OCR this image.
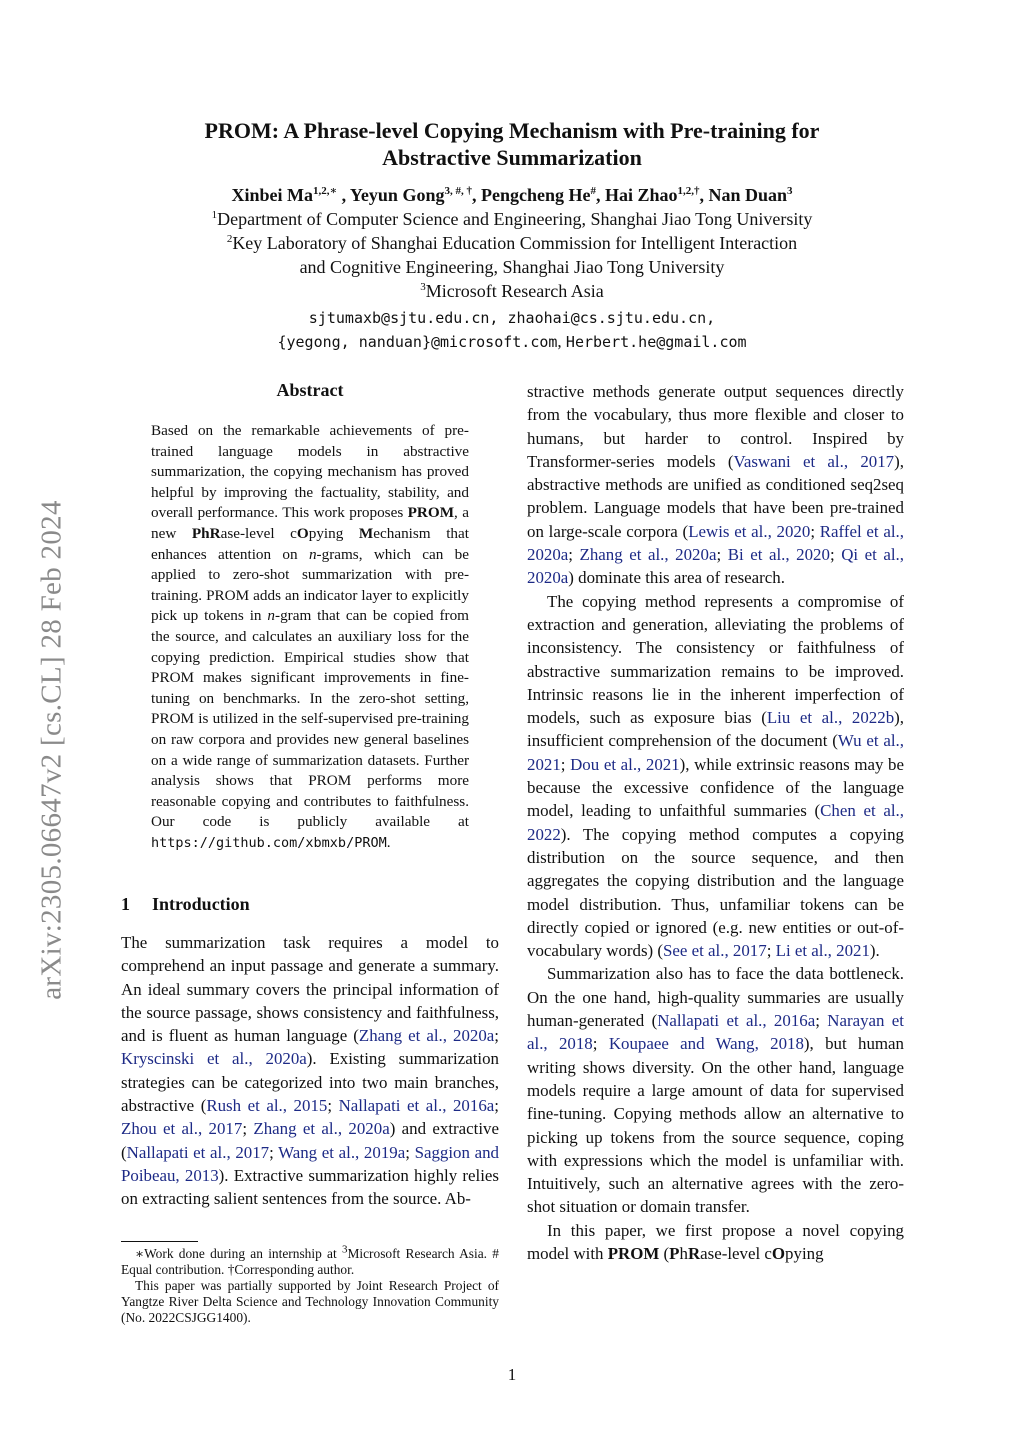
arXiv:2305.06647v2 [cs.CL] 28 Feb 2024
PROM: A Phrase-level Copying Mechanism with Pre-training for
Abstractive Summarization
Xinbei $Ma^{1,2,∗}$ , Yeyun Gong$^{3, \#, \dagger}$, Pengcheng He#, Hai Zhao$^{1,2,\dagger}$, Nan Duan$^3$
$^1$Department of Computer Science and Engineering, Shanghai Jiao Tong University
$^2$Key Laboratory of Shanghai Education Commission for Intelligent Interaction
and Cognitive Engineering, Shanghai Jiao Tong University
$^3$Microsoft Research Asia
sjtumaxb@sjtu.edu.cn, zhaohai@cs.sjtu.edu.cn,
{yegong, nanduan}@microsoft.com, Herbert.he@gmail.com
Abstract
Based on the remarkable achievements of pre-trained language models in abstractive summarization, the copying mechanism has proved helpful by improving the factuality, stability, and overall performance. This work proposes PROM, a new PhRase-level cOpying Mechanism that enhances attention on n-grams, which can be applied to zero-shot summarization with pre-training. PROM adds an indicator layer to explicitly pick up tokens in n-gram that can be copied from the source, and calculates an auxiliary loss for the copying prediction. Empirical studies show that PROM makes significant improvements in fine-tuning on benchmarks. In the zero-shot setting, PROM is utilized in the self-supervised pre-training on raw corpora and provides new general baselines on a wide range of summarization datasets. Further analysis shows that PROM performs more reasonable copying and contributes to faithfulness. Our code is publicly available at https://github.com/xbmxb/PROM.
1 Introduction

The summarization task requires a model to comprehend an input passage and generate a summary. An ideal summary covers the principal information of the source passage, shows consistency and faithfulness, and is fluent as human language (Zhang et al., 2020a; Kryscinski et al., 2020a). Existing summarization strategies can be categorized into two main branches, abstractive (Rush et al., 2015; Nallapati et al., 2016a; Zhou et al., 2017; Zhang et al., 2020a) and extractive (Nallapati et al., 2017; Wang et al., 2019a; Saggion and Poibeau, 2013). Extractive summarization highly relies on extracting salient sentences from the source. Ab-

∗Work done during an internship at $^3$Microsoft Research Asia. # Equal contribution. †Corresponding author.

This paper was partially supported by Joint Research Project of Yangtze River Delta Science and Technology Innovation Community (No. 2022CSJGG1400).

stractive methods generate output sequences directly from the vocabulary, thus more flexible and closer to humans, but harder to control. Inspired by Transformer-series models (Vaswani et al., 2017), abstractive methods are unified as conditioned seq2seq problem. Language models that have been pre-trained on large-scale corpora (Lewis et al., 2020; Raffel et al., 2020a; Zhang et al., 2020a; Bi et al., 2020; Qi et al., 2020a) dominate this area of research.

The copying method represents a compromise of extraction and generation, alleviating the problems of inconsistency. The consistency or faithfulness of abstractive summarization remains to be improved. Intrinsic reasons lie in the inherent imperfection of models, such as exposure bias (Liu et al., 2022b), insufficient comprehension of the document (Wu et al., 2021; Dou et al., 2021), while extrinsic reasons may be because the excessive confidence of the language model, leading to unfaithful summaries (Chen et al., 2022). The copying method computes a copying distribution on the source sequence, and then aggregates the copying distribution and the language model distribution. Thus, unfamiliar tokens can be directly copied or ignored (e.g. new entities or out-of-vocabulary words) (See et al., 2017; Li et al., 2021).

Summarization also has to face the data bottleneck. On the one hand, high-quality summaries are usually human-generated (Nallapati et al., 2016a; Narayan et al., 2018; Koupaee and Wang, 2018), but human writing shows diversity. On the other hand, language models require a large amount of data for supervised fine-tuning. Copying methods allow an alternative to picking up tokens from the source sequence, coping with expressions which the model is unfamiliar with. Intuitively, such an alternative agrees with the zero-shot situation or domain transfer.

In this paper, we first propose a novel copying model with PROM (PhRase-level cOpying

1
